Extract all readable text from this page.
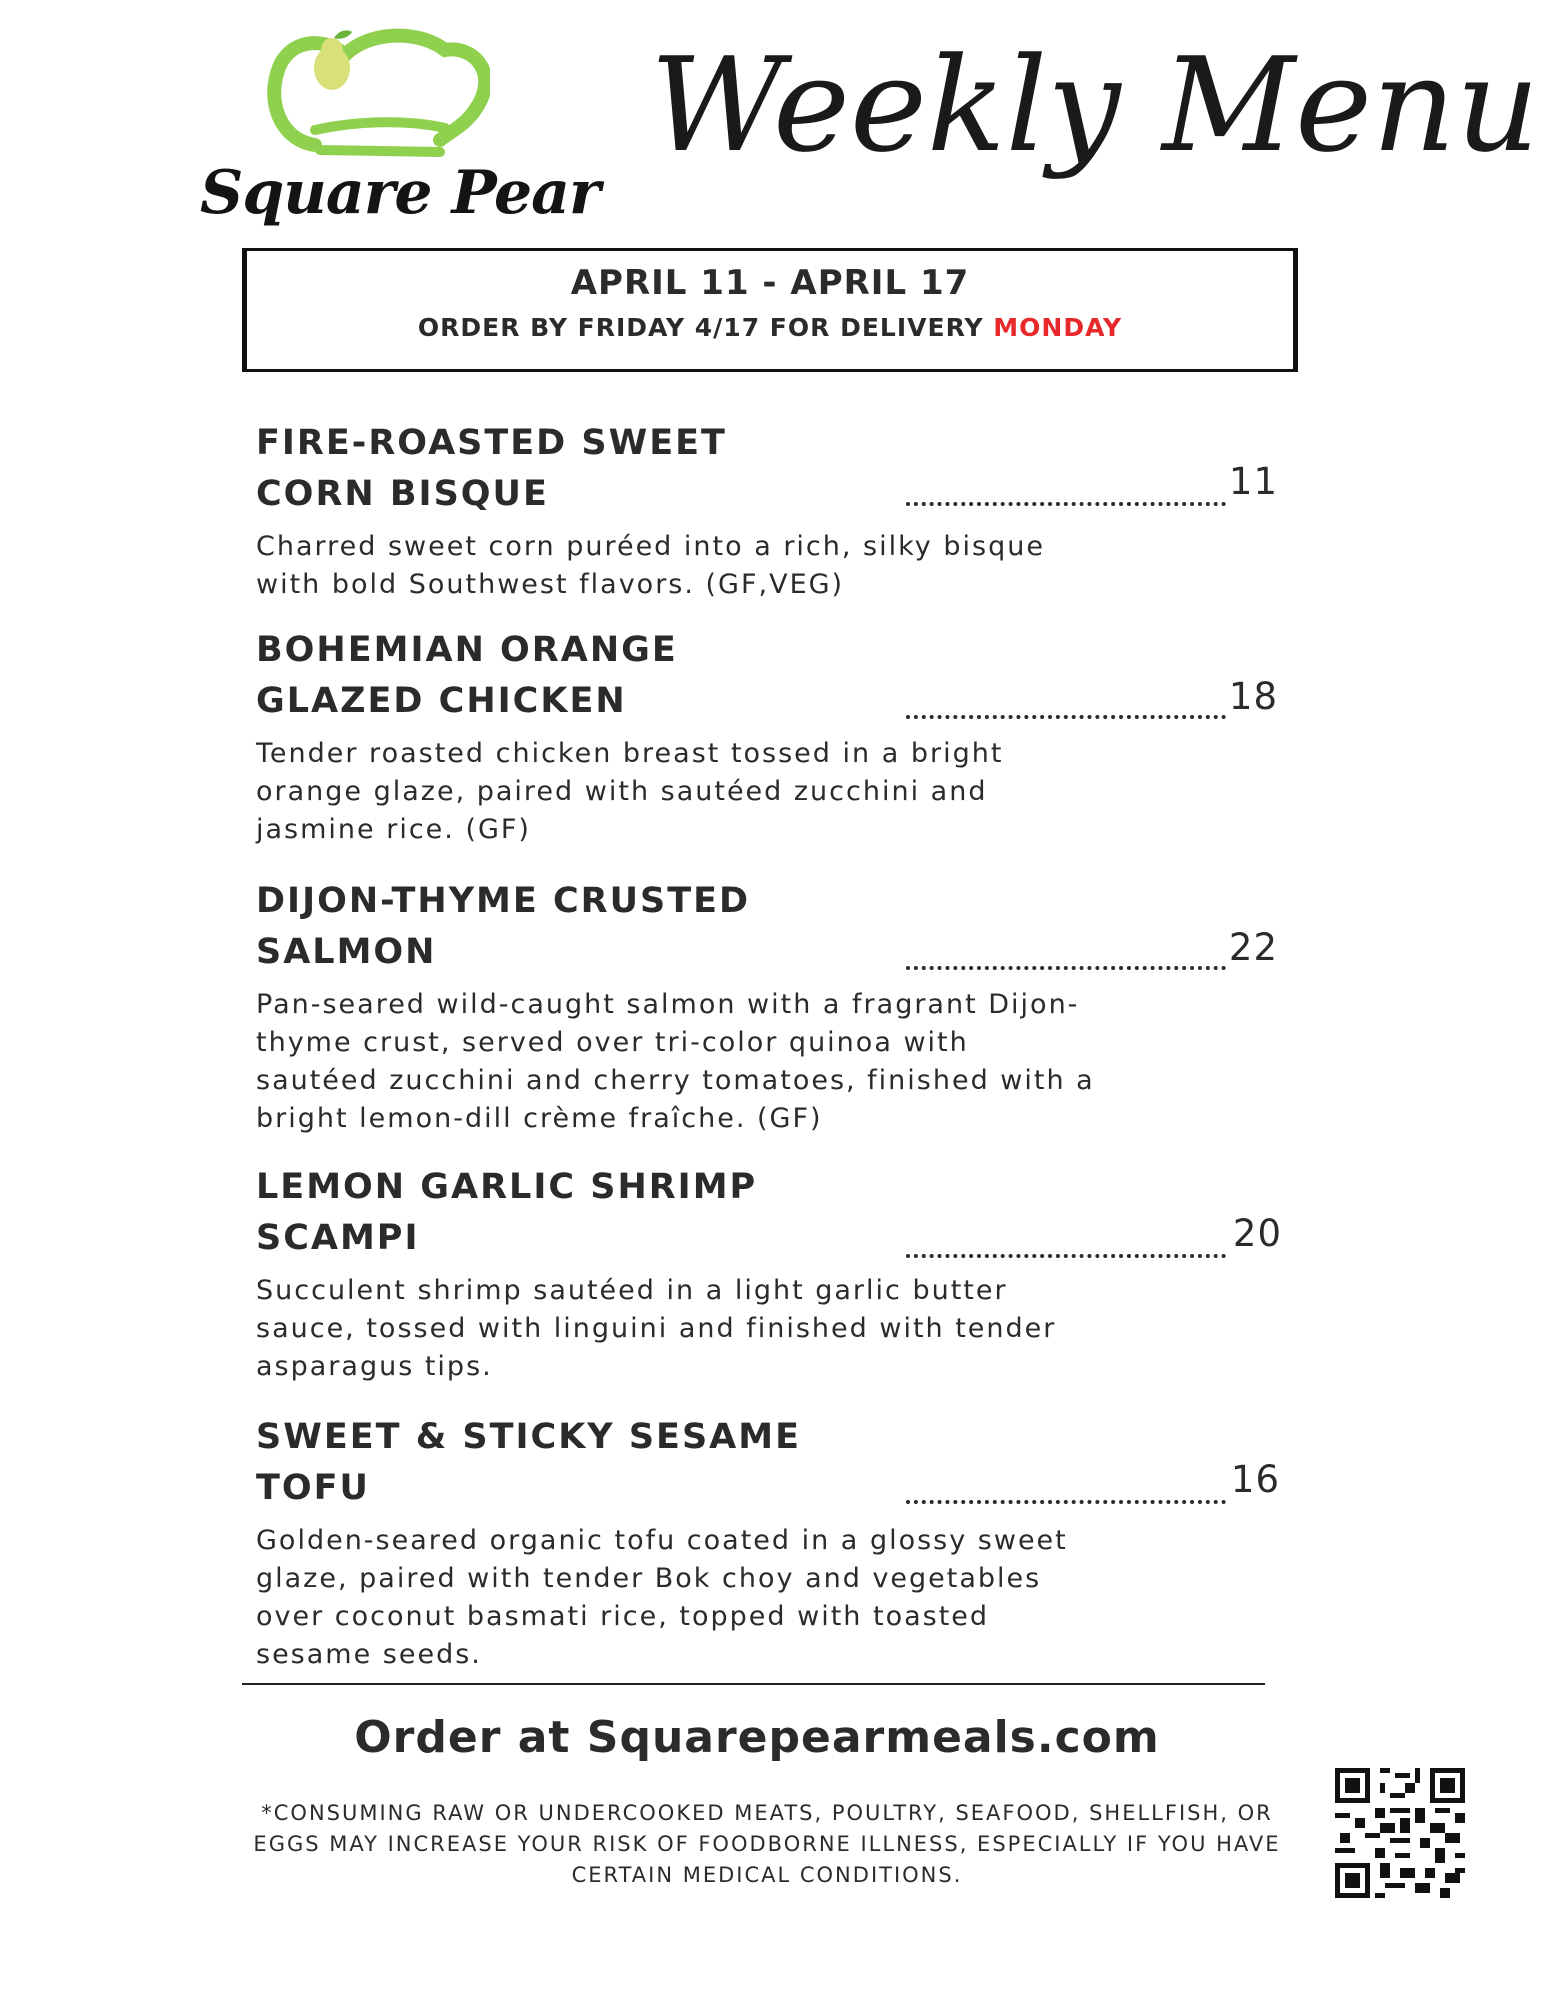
Square Pear
Weekly Menu
APRIL 11 - APRIL 17
ORDER BY FRIDAY 4/17 FOR DELIVERY MONDAY
FIRE-ROASTED SWEET CORN BISQUE
Charred sweet corn puréed into a rich, silky bisque with bold Southwest flavors. (GF,VEG)
11
BOHEMIAN ORANGE GLAZED CHICKEN
Tender roasted chicken breast tossed in a bright orange glaze, paired with sautéed zucchini and jasmine rice. (GF)
18
DIJON-THYME CRUSTED SALMON
Pan-seared wild-caught salmon with a fragrant Dijon-thyme crust, served over tri-color quinoa with sautéed zucchini and cherry tomatoes, finished with a bright lemon-dill crème fraîche. (GF)
22
LEMON GARLIC SHRIMP SCAMPI
Succulent shrimp sautéed in a light garlic butter sauce, tossed with linguini and finished with tender asparagus tips.
20
SWEET & STICKY SESAME TOFU
Golden-seared organic tofu coated in a glossy sweet glaze, paired with tender Bok choy and vegetables over coconut basmati rice, topped with toasted sesame seeds.
16
Order at Squarepearmeals.com
*CONSUMING RAW OR UNDERCOOKED MEATS, POULTRY, SEAFOOD, SHELLFISH, OR EGGS MAY INCREASE YOUR RISK OF FOODBORNE ILLNESS, ESPECIALLY IF YOU HAVE CERTAIN MEDICAL CONDITIONS.
